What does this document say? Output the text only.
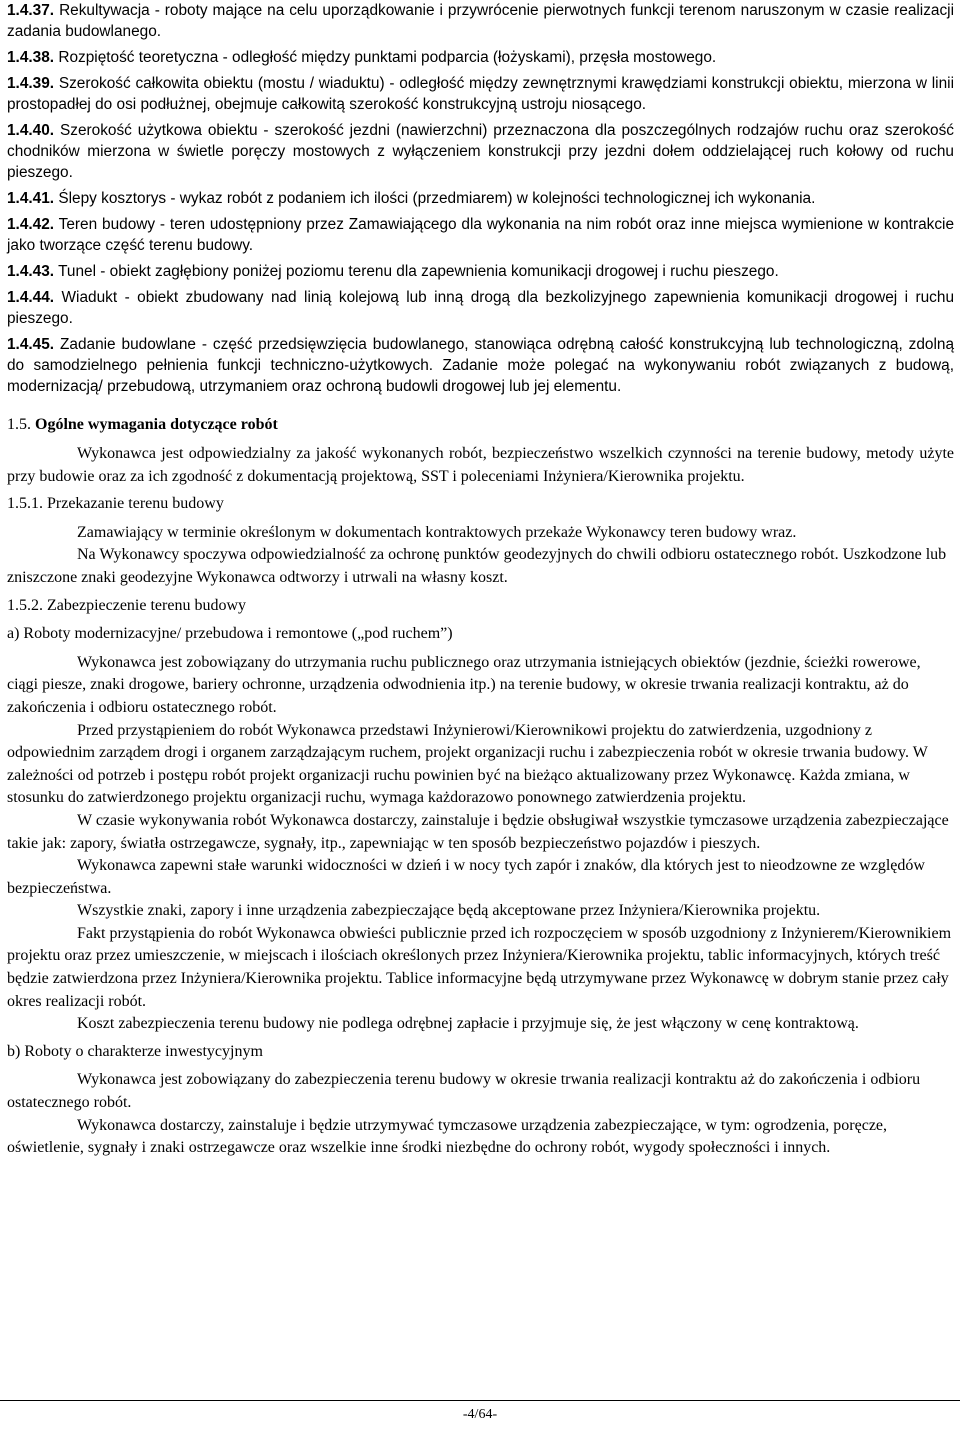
1.4.37. Rekultywacja - roboty mające na celu uporządkowanie i przywrócenie pierwotnych funkcji terenom naruszonym w czasie realizacji zadania budowlanego.

1.4.38. Rozpiętość teoretyczna - odległość między punktami podparcia (łożyskami), przęsła mostowego.

1.4.39. Szerokość całkowita obiektu (mostu / wiaduktu) - odległość między zewnętrznymi krawędziami konstrukcji obiektu, mierzona w linii prostopadłej do osi podłużnej, obejmuje całkowitą szerokość konstrukcyjną ustroju niosącego.

1.4.40. Szerokość użytkowa obiektu - szerokość jezdni (nawierzchni) przeznaczona dla poszczególnych rodzajów ruchu oraz szerokość chodników mierzona w świetle poręczy mostowych z wyłączeniem konstrukcji przy jezdni dołem oddzielającej ruch kołowy od ruchu pieszego.

1.4.41. Ślepy kosztorys - wykaz robót z podaniem ich ilości (przedmiarem) w kolejności technologicznej ich wykonania.

1.4.42. Teren budowy - teren udostępniony przez Zamawiającego dla wykonania na nim robót oraz inne miejsca wymienione w kontrakcie jako tworzące część terenu budowy.

1.4.43. Tunel - obiekt zagłębiony poniżej poziomu terenu dla zapewnienia komunikacji drogowej i ruchu pieszego.

1.4.44. Wiadukt - obiekt zbudowany nad linią kolejową lub inną drogą dla bezkolizyjnego zapewnienia komunikacji drogowej i ruchu pieszego.

1.4.45. Zadanie budowlane - część przedsięwzięcia budowlanego, stanowiąca odrębną całość konstrukcyjną lub technologiczną, zdolną do samodzielnego pełnienia funkcji techniczno-użytkowych. Zadanie może polegać na wykonywaniu robót związanych z budową, modernizacją/ przebudową, utrzymaniem oraz ochroną budowli drogowej lub jej elementu.

1.5. Ogólne wymagania dotyczące robót

Wykonawca jest odpowiedzialny za jakość wykonanych robót, bezpieczeństwo wszelkich czynności na terenie budowy, metody użyte przy budowie oraz za ich zgodność z dokumentacją projektową, SST i poleceniami Inżyniera/Kierownika projektu.

1.5.1. Przekazanie terenu budowy

Zamawiający w terminie określonym w dokumentach kontraktowych przekaże Wykonawcy teren budowy wraz.

Na Wykonawcy spoczywa odpowiedzialność za ochronę punktów geodezyjnych do chwili odbioru ostatecznego robót. Uszkodzone lub zniszczone znaki geodezyjne Wykonawca odtworzy i utrwali na własny koszt.

1.5.2. Zabezpieczenie terenu budowy

a) Roboty modernizacyjne/ przebudowa i remontowe („pod ruchem”)

Wykonawca jest zobowiązany do utrzymania ruchu publicznego oraz utrzymania istniejących obiektów (jezdnie, ścieżki rowerowe, ciągi piesze, znaki drogowe, bariery ochronne, urządzenia odwodnienia itp.) na terenie budowy, w okresie trwania realizacji kontraktu, aż do zakończenia i odbioru ostatecznego robót.

Przed przystąpieniem do robót Wykonawca przedstawi Inżynierowi/Kierownikowi projektu do zatwierdzenia, uzgodniony z odpowiednim zarządem drogi i organem zarządzającym ruchem, projekt organizacji ruchu i zabezpieczenia robót w okresie trwania budowy. W zależności od potrzeb i postępu robót projekt organizacji ruchu powinien być na bieżąco aktualizowany przez Wykonawcę. Każda zmiana, w stosunku do zatwierdzonego projektu organizacji ruchu, wymaga każdorazowo ponownego zatwierdzenia projektu.

W czasie wykonywania robót Wykonawca dostarczy, zainstaluje i będzie obsługiwał wszystkie tymczasowe urządzenia zabezpieczające takie jak: zapory, światła ostrzegawcze, sygnały, itp., zapewniając w ten sposób bezpieczeństwo pojazdów i pieszych.

Wykonawca zapewni stałe warunki widoczności w dzień i w nocy tych zapór i znaków, dla których jest to nieodzowne ze względów bezpieczeństwa.

Wszystkie znaki, zapory i inne urządzenia zabezpieczające będą akceptowane przez Inżyniera/Kierownika projektu.

Fakt przystąpienia do robót Wykonawca obwieści publicznie przed ich rozpoczęciem w sposób uzgodniony z Inżynierem/Kierownikiem projektu oraz przez umieszczenie, w miejscach i ilościach określonych przez Inżyniera/Kierownika projektu, tablic informacyjnych, których treść będzie zatwierdzona przez Inżyniera/Kierownika projektu. Tablice informacyjne będą utrzymywane przez Wykonawcę w dobrym stanie przez cały okres realizacji robót.

Koszt zabezpieczenia terenu budowy nie podlega odrębnej zapłacie i przyjmuje się, że jest włączony w cenę kontraktową.

b) Roboty o charakterze inwestycyjnym

Wykonawca jest zobowiązany do zabezpieczenia terenu budowy w okresie trwania realizacji kontraktu aż do zakończenia i odbioru ostatecznego robót.

Wykonawca dostarczy, zainstaluje i będzie utrzymywać tymczasowe urządzenia zabezpieczające, w tym: ogrodzenia, poręcze, oświetlenie, sygnały i znaki ostrzegawcze oraz wszelkie inne środki niezbędne do ochrony robót, wygody społeczności i innych.

-4/64-
